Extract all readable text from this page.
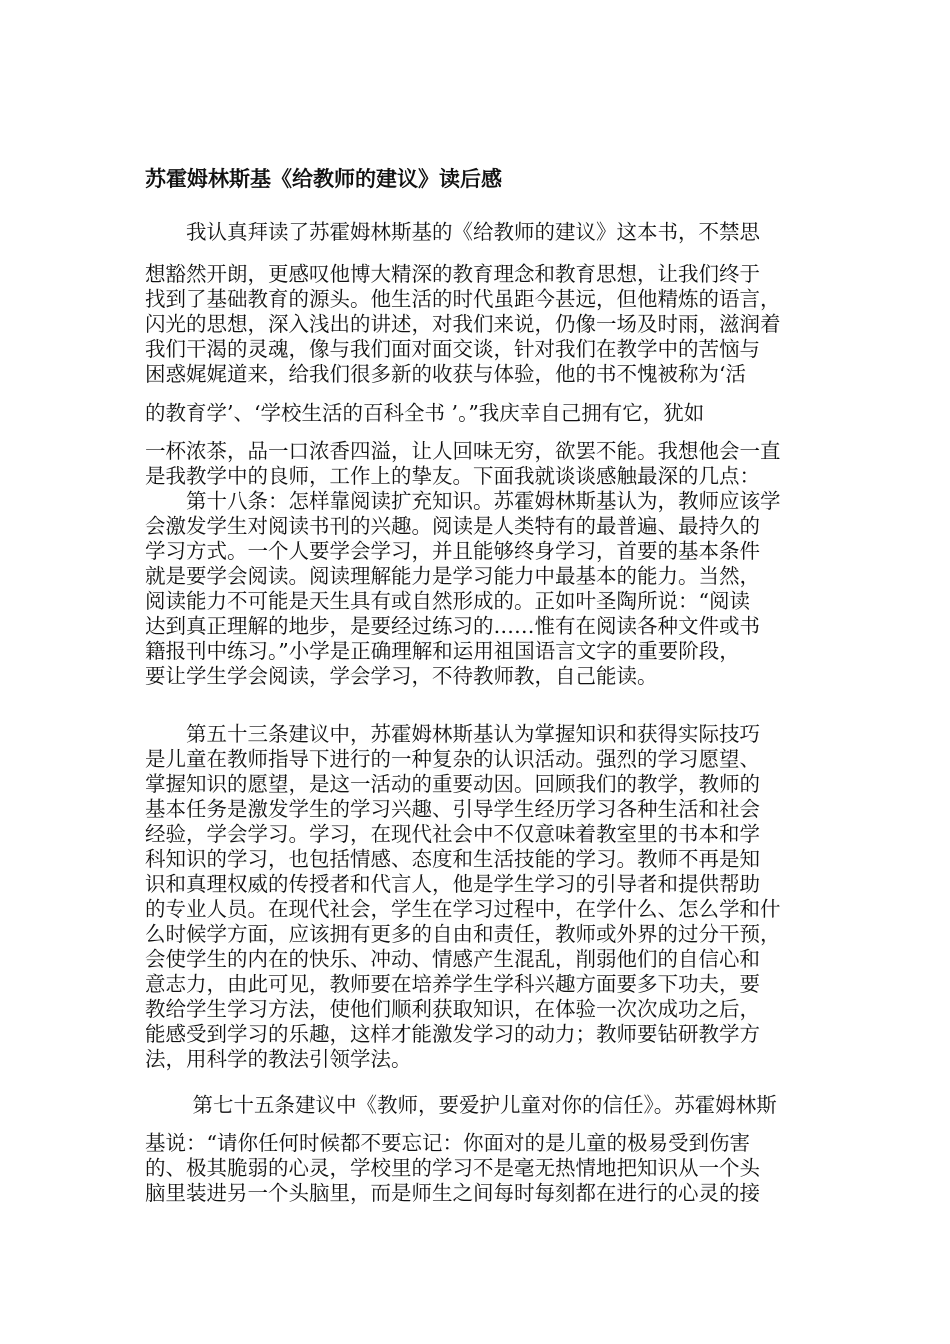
苏霍姆林斯基《给教师的建议》读后感
　　我认真拜读了苏霍姆林斯基的《给教师的建议》这本书，不禁思
想豁然开朗，更感叹他博大精深的教育理念和教育思想，让我们终于
找到了基础教育的源头。他生活的时代虽距今甚远，但他精炼的语言，
闪光的思想，深入浅出的讲述，对我们来说，仍像一场及时雨，滋润着
我们干渴的灵魂，像与我们面对面交谈，针对我们在教学中的苦恼与
困惑娓娓道来，给我们很多新的收获与体验，他的书不愧被称为‘活
的教育学’、‘学校生活的百科全书 ’。”我庆幸自己拥有它，犹如
一杯浓茶，品一口浓香四溢，让人回味无穷，欲罢不能。我想他会一直
是我教学中的良师，工作上的挚友。下面我就谈谈感触最深的几点：
　　第十八条：怎样靠阅读扩充知识。苏霍姆林斯基认为，教师应该学
会激发学生对阅读书刊的兴趣。阅读是人类特有的最普遍、最持久的
学习方式。一个人要学会学习，并且能够终身学习，首要的基本条件
就是要学会阅读。阅读理解能力是学习能力中最基本的能力。当然，
阅读能力不可能是天生具有或自然形成的。正如叶圣陶所说：“阅读
达到真正理解的地步，是要经过练习的……惟有在阅读各种文件或书
籍报刊中练习。”小学是正确理解和运用祖国语言文字的重要阶段，
要让学生学会阅读，学会学习，不待教师教，自己能读。
　　第五十三条建议中，苏霍姆林斯基认为掌握知识和获得实际技巧
是儿童在教师指导下进行的一种复杂的认识活动。强烈的学习愿望、
掌握知识的愿望，是这一活动的重要动因。回顾我们的教学，教师的
基本任务是激发学生的学习兴趣、引导学生经历学习各种生活和社会
经验，学会学习。学习，在现代社会中不仅意味着教室里的书本和学
科知识的学习，也包括情感、态度和生活技能的学习。教师不再是知
识和真理权威的传授者和代言人，他是学生学习的引导者和提供帮助
的专业人员。在现代社会，学生在学习过程中，在学什么、怎么学和什
么时候学方面，应该拥有更多的自由和责任，教师或外界的过分干预，
会使学生的内在的快乐、冲动、情感产生混乱，削弱他们的自信心和
意志力，由此可见，教师要在培养学生学科兴趣方面要多下功夫，要
教给学生学习方法，使他们顺利获取知识，在体验一次次成功之后，
能感受到学习的乐趣，这样才能激发学习的动力；教师要钻研教学方
法，用科学的教法引领学法。
　　 第七十五条建议中《教师，要爱护儿童对你的信任》。苏霍姆林斯
基说：“请你任何时候都不要忘记：你面对的是儿童的极易受到伤害
的、极其脆弱的心灵，学校里的学习不是毫无热情地把知识从一个头
脑里装进另一个头脑里，而是师生之间每时每刻都在进行的心灵的接
